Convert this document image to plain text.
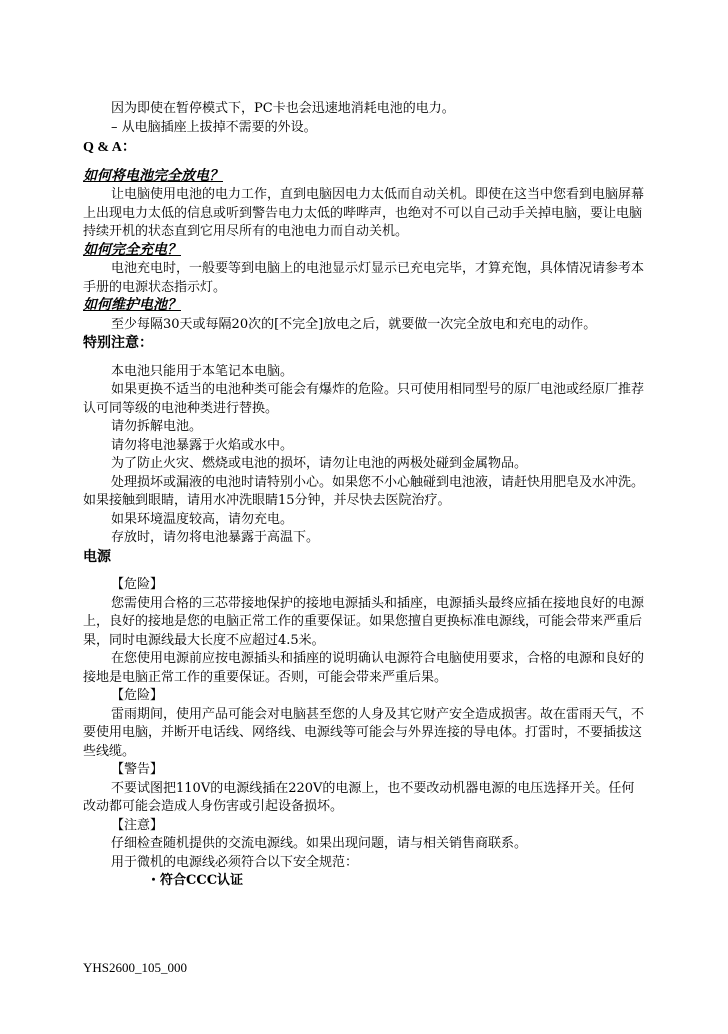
因为即使在暂停模式下，PC卡也会迅速地消耗电池的电力。

– 从电脑插座上拔掉不需要的外设。

Q & A：

如何将电池完全放电？

让电脑使用电池的电力工作，直到电脑因电力太低而自动关机。即使在这当中您看到电脑屏幕上出现电力太低的信息或听到警告电力太低的哔哔声，也绝对不可以自己动手关掉电脑，要让电脑持续开机的状态直到它用尽所有的电池电力而自动关机。

如何完全充电？

电池充电时，一般要等到电脑上的电池显示灯显示已充电完毕，才算充饱，具体情况请参考本手册的电源状态指示灯。

如何维护电池？

至少每隔30天或每隔20次的[不完全]放电之后，就要做一次完全放电和充电的动作。

特别注意：

本电池只能用于本笔记本电脑。

如果更换不适当的电池种类可能会有爆炸的危险。只可使用相同型号的原厂电池或经原厂推荐认可同等级的电池种类进行替换。

请勿拆解电池。

请勿将电池暴露于火焰或水中。

为了防止火灾、燃烧或电池的损坏，请勿让电池的两极处碰到金属物品。

处理损坏或漏液的电池时请特别小心。如果您不小心触碰到电池液，请赶快用肥皂及水冲洗。如果接触到眼睛，请用水冲洗眼睛15分钟，并尽快去医院治疗。

如果环境温度较高，请勿充电。

存放时，请勿将电池暴露于高温下。

电源

【危险】

您需使用合格的三芯带接地保护的接地电源插头和插座，电源插头最终应插在接地良好的电源上，良好的接地是您的电脑正常工作的重要保证。如果您擅自更换标准电源线，可能会带来严重后果，同时电源线最大长度不应超过4.5米。

在您使用电源前应按电源插头和插座的说明确认电源符合电脑使用要求，合格的电源和良好的接地是电脑正常工作的重要保证。否则，可能会带来严重后果。

【危险】

雷雨期间，使用产品可能会对电脑甚至您的人身及其它财产安全造成损害。故在雷雨天气，不要使用电脑，并断开电话线、网络线、电源线等可能会与外界连接的导电体。打雷时，不要插拔这些线缆。

【警告】

不要试图把110V的电源线插在220V的电源上，也不要改动机器电源的电压选择开关。任何改动都可能会造成人身伤害或引起设备损坏。

【注意】

仔细检查随机提供的交流电源线。如果出现问题，请与相关销售商联系。

用于微机的电源线必须符合以下安全规范：

・符合CCC认证

YHS2600_105_000
